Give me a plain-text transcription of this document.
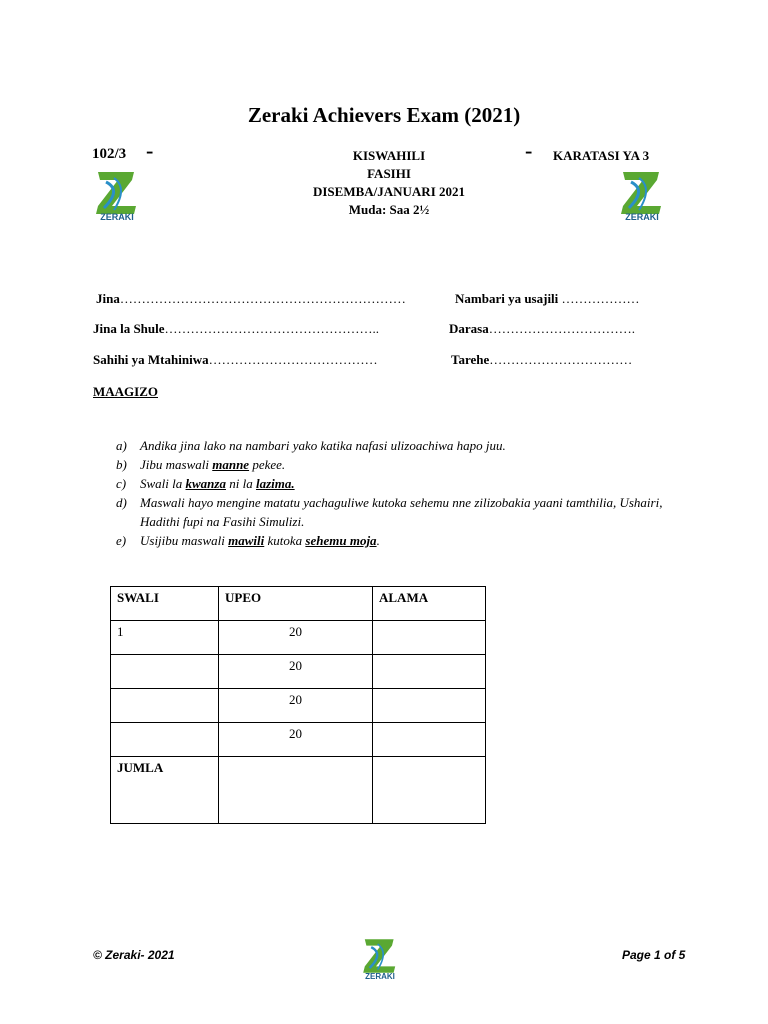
Zeraki Achievers Exam (2021)
102/3 -	- KARATASI YA 3
KISWAHILI
FASIHI
DISEMBA/JANUARI 2021
Muda: Saa 2½
ZERAKI	ZERAKI
Jina…………………………………………………………	Nambari ya usajili ………………
Jina la Shule…………………………………………..	Darasa…………………………….
Sahihi ya Mtahiniwa…………………………………	Tarehe……………………………
MAAGIZO
a)	Andika jina lako na nambari yako katika nafasi ulizoachiwa hapo juu.
b)	Jibu maswali manne pekee.
c)	Swali la kwanza ni la lazima.
d)	Maswali hayo mengine matatu yachaguliwe kutoka sehemu nne zilizobakia yaani tamthilia, Ushairi, Hadithi fupi na Fasihi Simulizi.
e)	Usijibu maswali mawili kutoka sehemu moja.
SWALI	UPEO	ALAMA
1	20	
	20	
	20	
	20	
JUMLA		
© Zeraki- 2021
ZERAKI
Page 1 of 5
